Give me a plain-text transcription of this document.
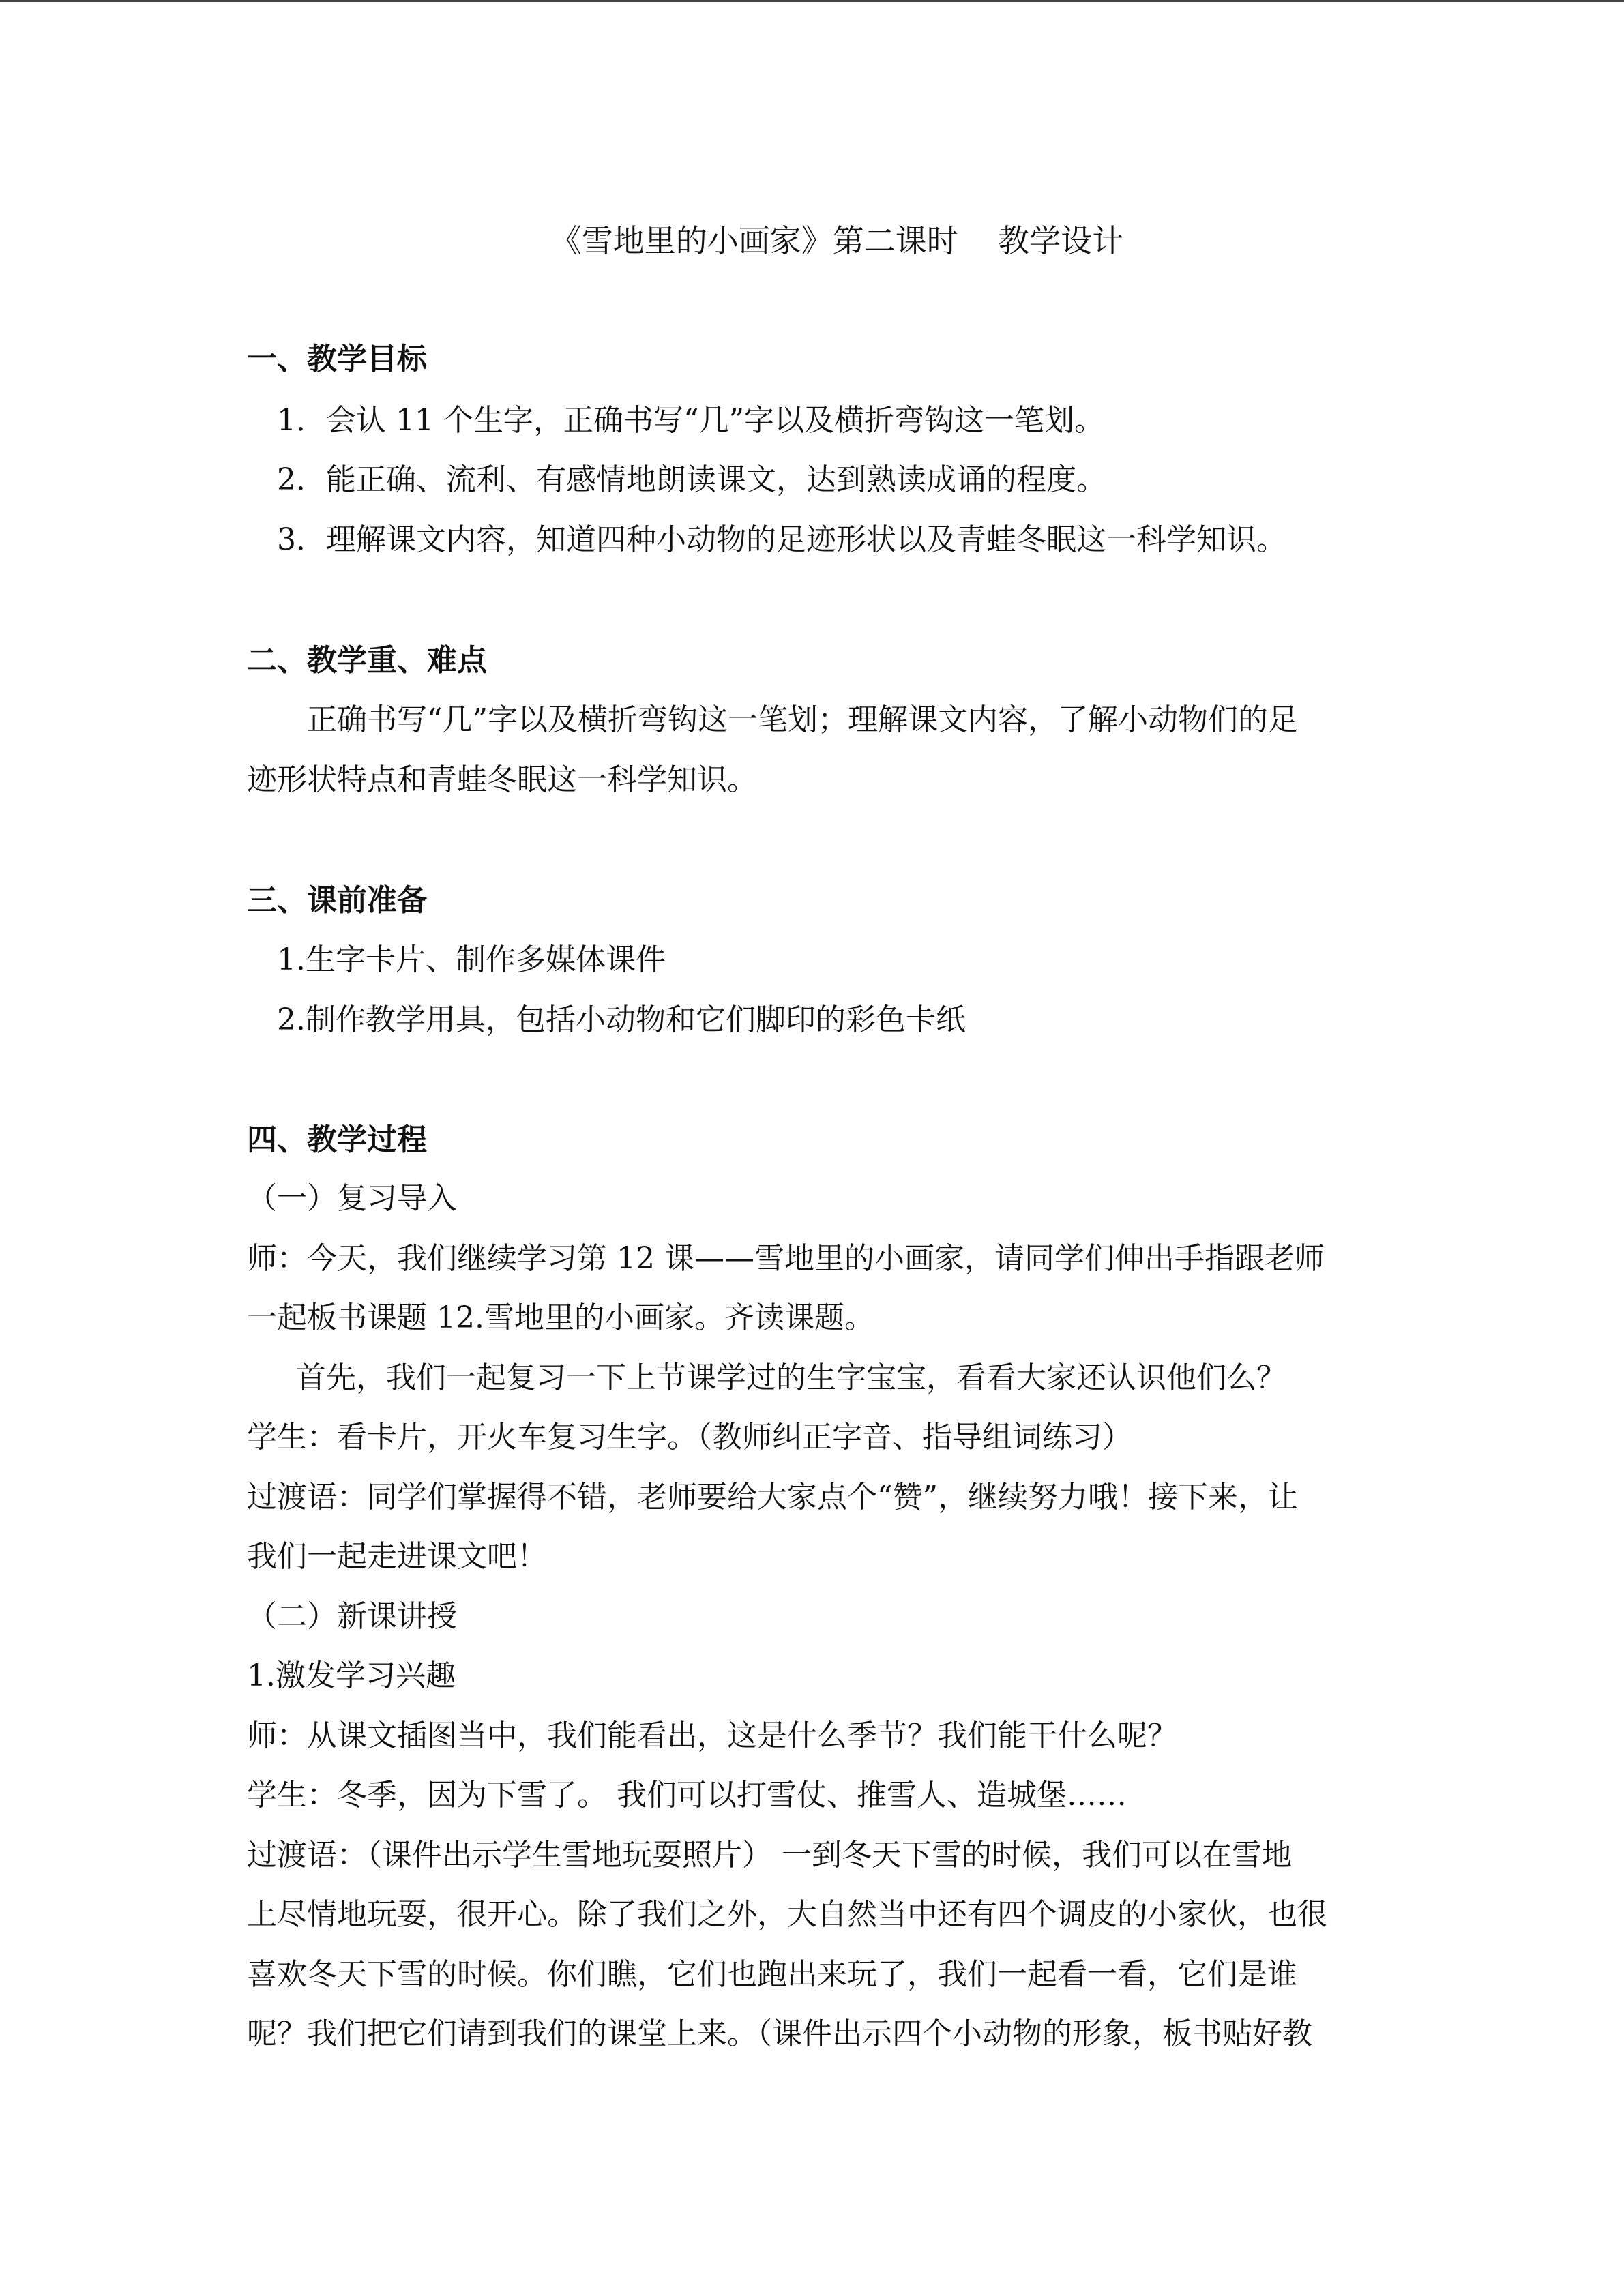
《雪地里的小画家》第二课时    教学设计
一、教学目标
1．会认 11 个生字，正确书写“几”字以及横折弯钩这一笔划。
2．能正确、流利、有感情地朗读课文，达到熟读成诵的程度。
3．理解课文内容，知道四种小动物的足迹形状以及青蛙冬眠这一科学知识。
二、教学重、难点
正确书写“几”字以及横折弯钩这一笔划；理解课文内容，了解小动物们的足
迹形状特点和青蛙冬眠这一科学知识。
三、课前准备
1.生字卡片、制作多媒体课件
2.制作教学用具，包括小动物和它们脚印的彩色卡纸
四、教学过程
（一）复习导入
师：今天，我们继续学习第 12 课——雪地里的小画家，请同学们伸出手指跟老师
一起板书课题 12.雪地里的小画家。齐读课题。
首先，我们一起复习一下上节课学过的生字宝宝，看看大家还认识他们么？
学生：看卡片，开火车复习生字。（教师纠正字音、指导组词练习）
过渡语：同学们掌握得不错，老师要给大家点个“赞”，继续努力哦！接下来，让
我们一起走进课文吧！
（二）新课讲授
1.激发学习兴趣
师：从课文插图当中，我们能看出，这是什么季节？我们能干什么呢？
学生：冬季，因为下雪了。 我们可以打雪仗、推雪人、造城堡……
过渡语：（课件出示学生雪地玩耍照片） 一到冬天下雪的时候，我们可以在雪地
上尽情地玩耍，很开心。除了我们之外，大自然当中还有四个调皮的小家伙，也很
喜欢冬天下雪的时候。你们瞧，它们也跑出来玩了，我们一起看一看，它们是谁
呢？我们把它们请到我们的课堂上来。（课件出示四个小动物的形象，板书贴好教
